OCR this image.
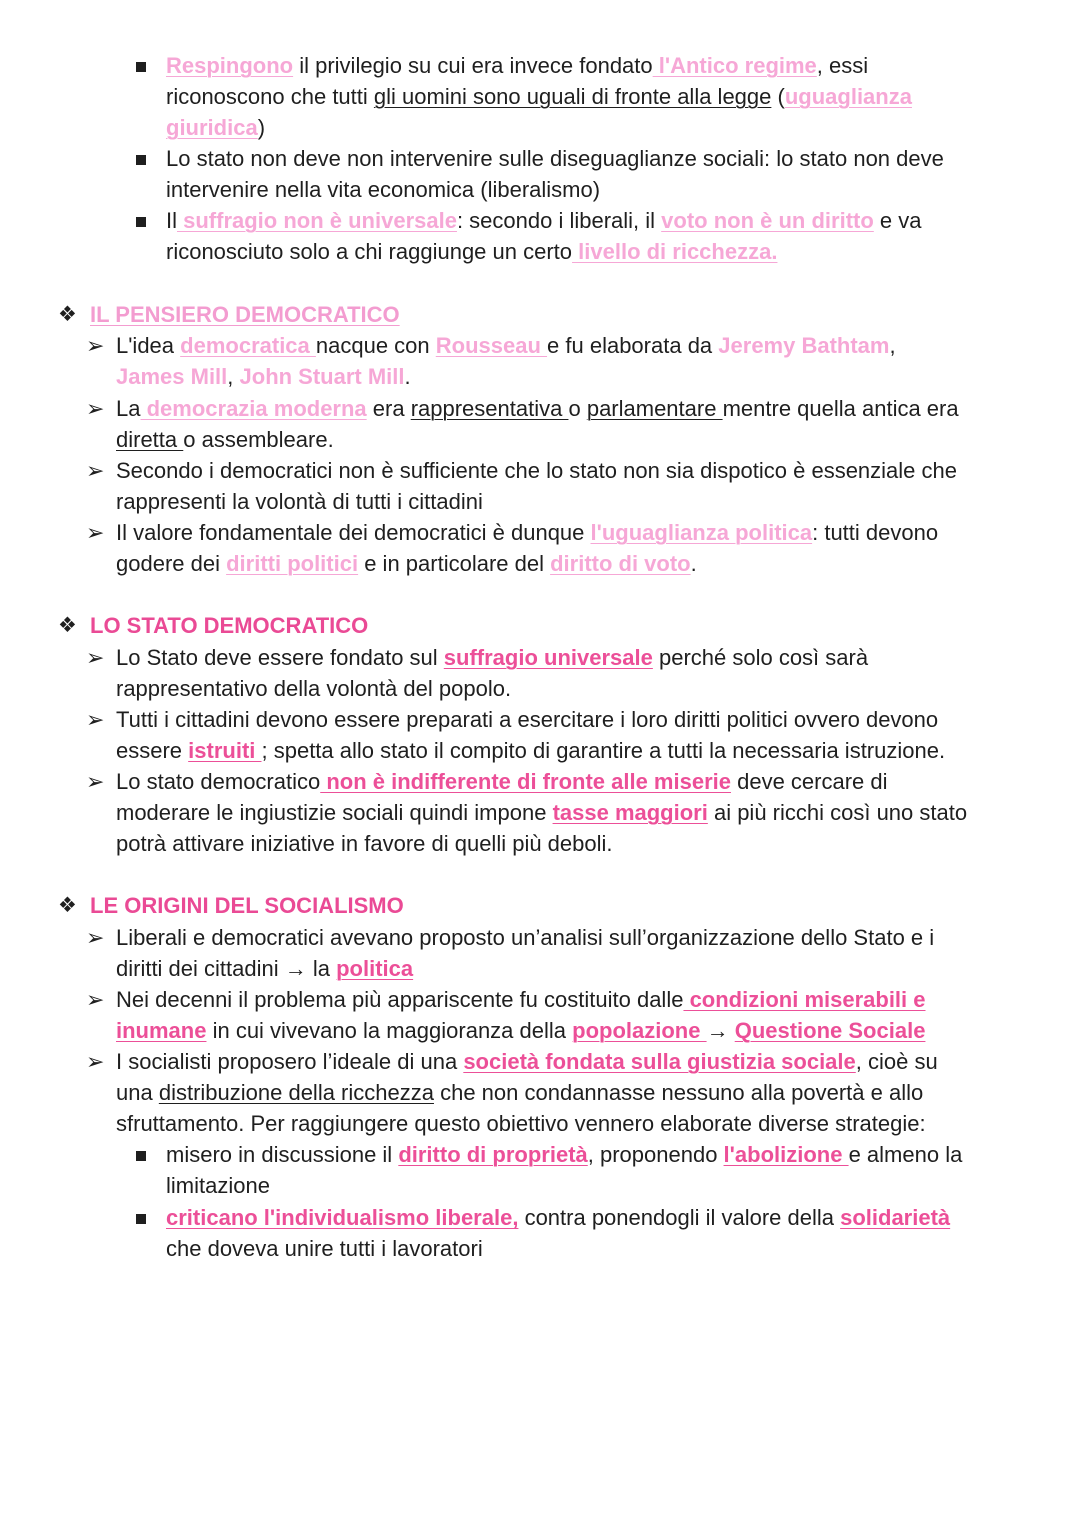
Respingono il privilegio su cui era invece fondato l'Antico regime, essi
riconoscono che tutti gli uomini sono uguali di fronte alla legge (uguaglianza
giuridica)
Lo stato non deve non intervenire sulle diseguaglianze sociali: lo stato non deve
intervenire nella vita economica (liberalismo)
Il suffragio non è universale: secondo i liberali, il voto non è un diritto e va
riconosciuto solo a chi raggiunge un certo livello di ricchezza.
❖ IL PENSIERO DEMOCRATICO
➢ L'idea democratica nacque con Rousseau e fu elaborata da Jeremy Bathtam,
James Mill, John Stuart Mill.
➢ La democrazia moderna era rappresentativa o parlamentare mentre quella antica era
diretta o assembleare.
➢ Secondo i democratici non è sufficiente che lo stato non sia dispotico è essenziale che
rappresenti la volontà di tutti i cittadini
➢ Il valore fondamentale dei democratici è dunque l'uguaglianza politica: tutti devono
godere dei diritti politici e in particolare del diritto di voto.
❖ LO STATO DEMOCRATICO
➢ Lo Stato deve essere fondato sul suffragio universale perché solo così sarà
rappresentativo della volontà del popolo.
➢ Tutti i cittadini devono essere preparati a esercitare i loro diritti politici ovvero devono
essere istruiti ; spetta allo stato il compito di garantire a tutti la necessaria istruzione.
➢ Lo stato democratico non è indifferente di fronte alle miserie deve cercare di
moderare le ingiustizie sociali quindi impone tasse maggiori ai più ricchi così uno stato
potrà attivare iniziative in favore di quelli più deboli.
❖ LE ORIGINI DEL SOCIALISMO
➢ Liberali e democratici avevano proposto un’analisi sull’organizzazione dello Stato e i
diritti dei cittadini → la politica
➢ Nei decenni il problema più appariscente fu costituito dalle condizioni miserabili e
inumane in cui vivevano la maggioranza della popolazione → Questione Sociale
➢ I socialisti proposero l’ideale di una società fondata sulla giustizia sociale, cioè su
una distribuzione della ricchezza che non condannasse nessuno alla povertà e allo
sfruttamento. Per raggiungere questo obiettivo vennero elaborate diverse strategie:
misero in discussione il diritto di proprietà, proponendo l'abolizione e almeno la
limitazione
criticano l'individualismo liberale, contra ponendogli il valore della solidarietà
che doveva unire tutti i lavoratori
